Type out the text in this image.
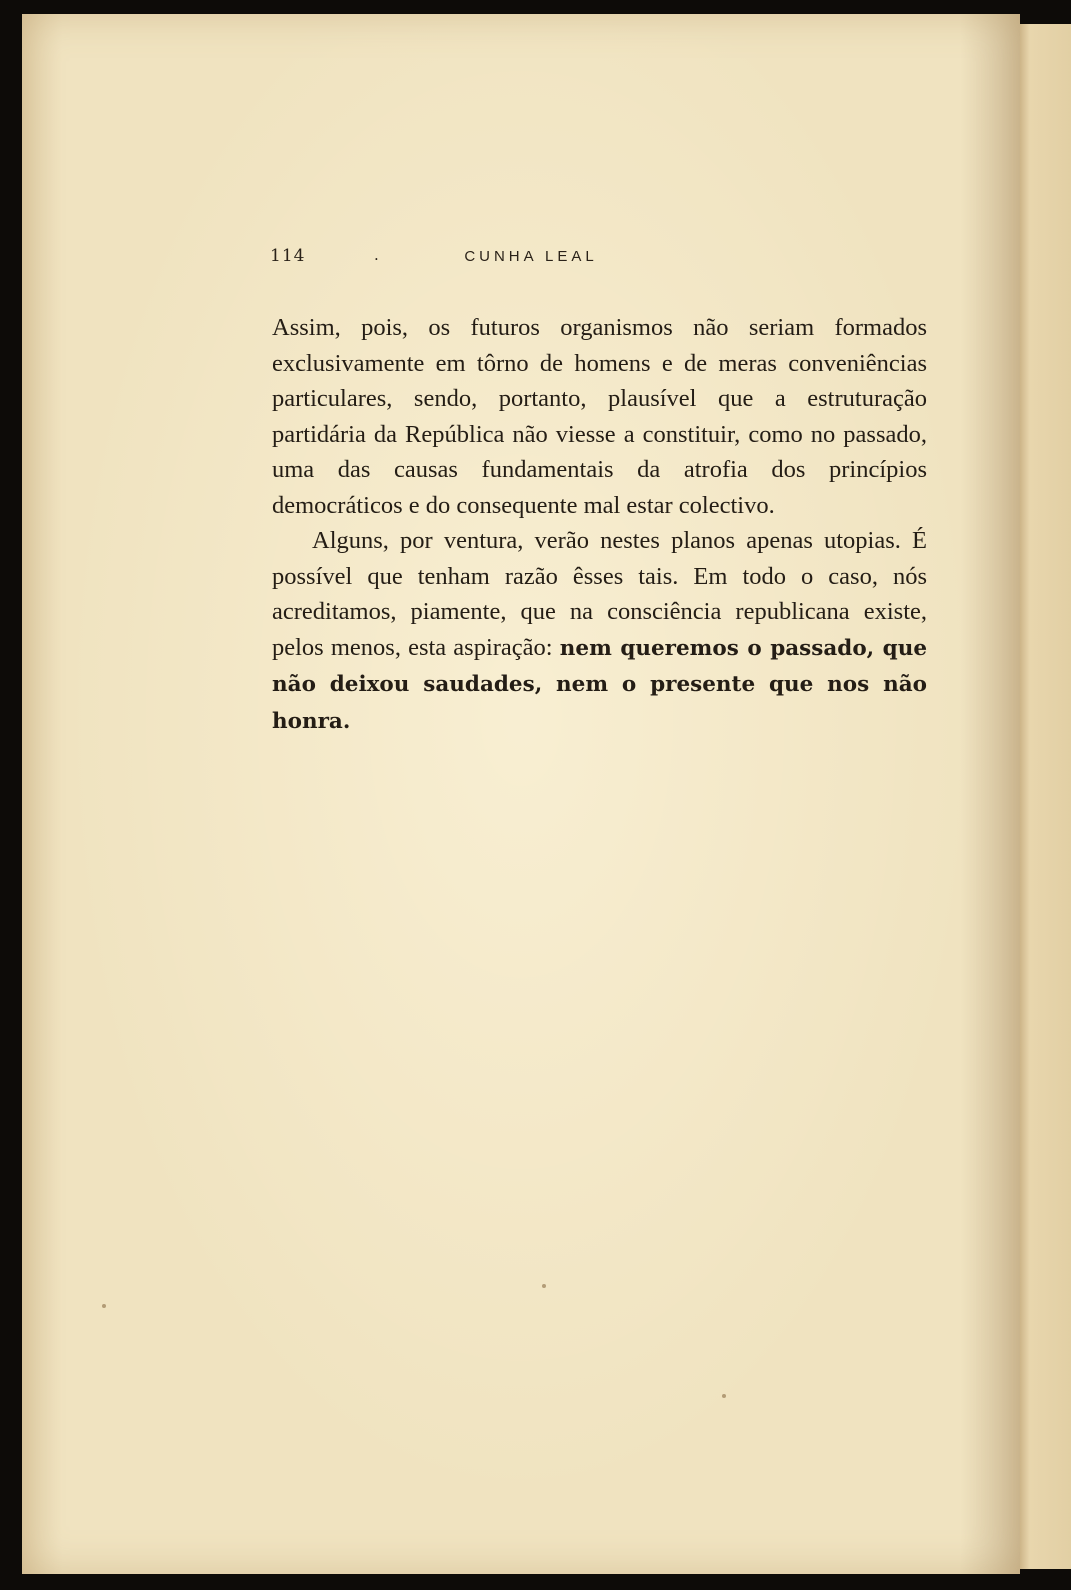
114	.	CUNHA LEAL

Assim, pois, os futuros organismos não seriam formados exclusivamente em tôrno de homens e de meras conveniências particulares, sendo, portanto, plausível que a estruturação partidária da República não viesse a constituir, como no passado, uma das causas fundamentais da atrofia dos princípios democráticos e do consequente mal estar colectivo.

Alguns, por ventura, verão nestes planos apenas utopias. É possível que tenham razão êsses tais. Em todo o caso, nós acreditamos, piamente, que na consciência republicana existe, pelos menos, esta aspiração: nem queremos o passado, que não deixou saudades, nem o presente que nos não honra.
